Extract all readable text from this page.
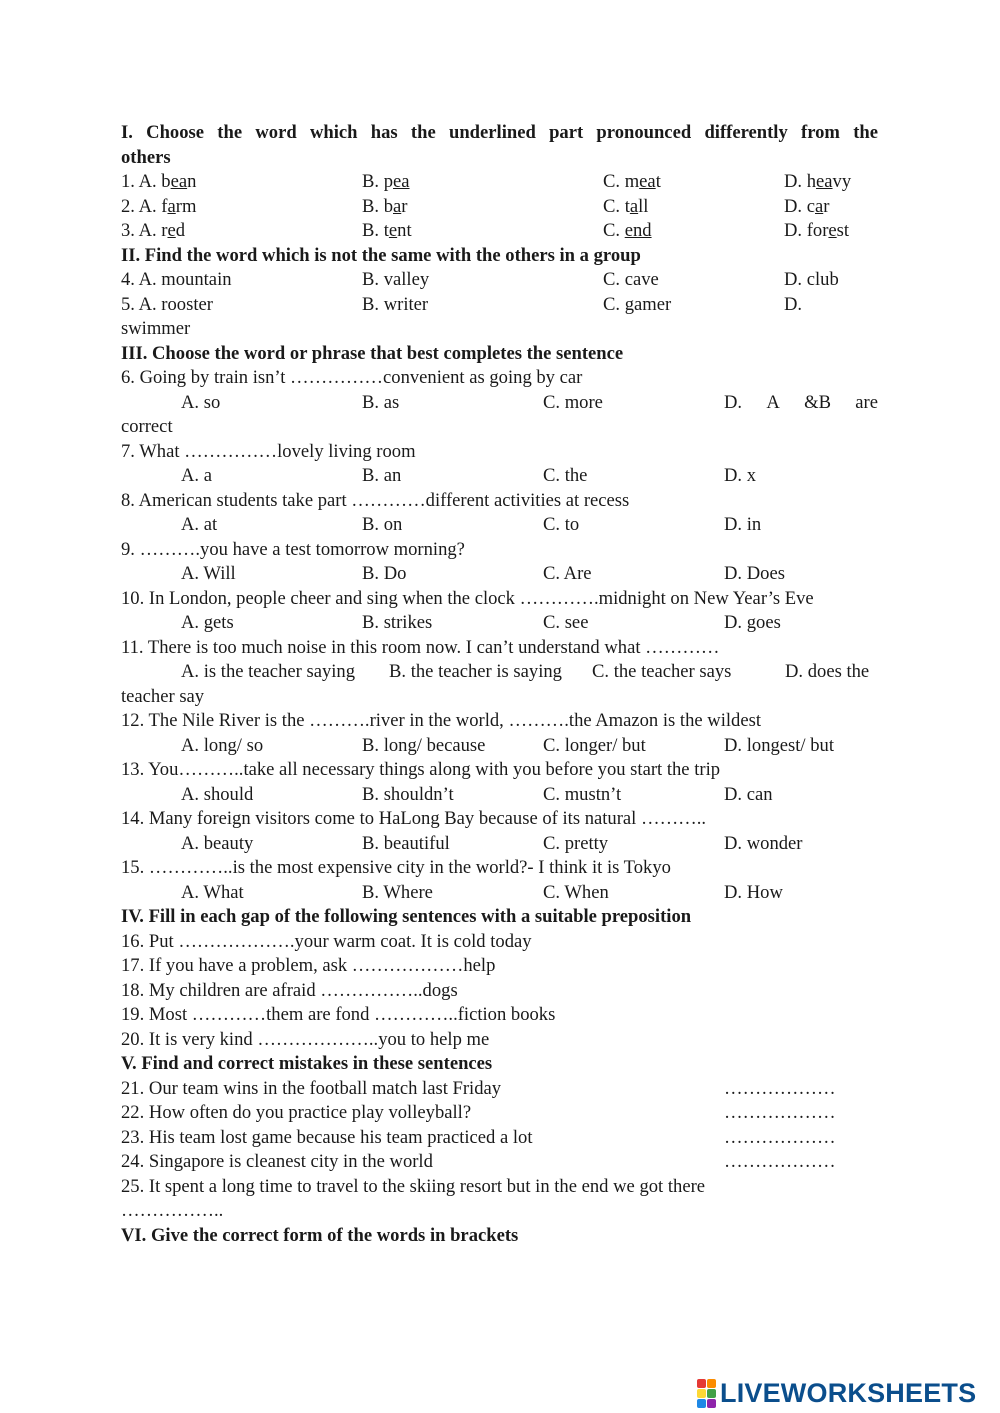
I. Choose the word which has the underlined part pronounced differently from the
others
1. A. bean	B. pea	C. meat	D. heavy
2. A. farm	B. bar	C. tall	D. car
3. A. red	B. tent	C. end	D. forest
II. Find the word which is not the same with the others in a group
4. A. mountain	B. valley	C. cave	D. club
5. A. rooster	B. writer	C. gamer	D.
swimmer
III. Choose the word or phrase that best completes the sentence
6. Going by train isn’t ……………convenient as going by car
A. so	B. as	C. more	D. A &B are
correct
7. What ……………lovely living room
A. a	B. an	C. the	D. x
8. American students take part …………different activities at recess
A. at	B. on	C. to	D. in
9. ……….you have a test tomorrow morning?
A. Will	B. Do	C. Are	D. Does
10. In London, people cheer and sing when the clock ………….midnight on New Year’s Eve
A. gets	B. strikes	C. see	D. goes
11. There is too much noise in this room now. I can’t understand what …………
A. is the teacher saying B. the teacher is saying C. the teacher says	D. does the
teacher say
12. The Nile River is the ……….river in the world, ……….the Amazon is the wildest
A. long/ so	B. long/ because	C. longer/ but	D. longest/ but
13. You………..take all necessary things along with you before you start the trip
A. should	B. shouldn’t	C. mustn’t	D. can
14. Many foreign visitors come to HaLong Bay because of its natural ………..
A. beauty	B. beautiful	C. pretty	D. wonder
15. …………..is the most expensive city in the world?- I think it is Tokyo
A. What	B. Where	C. When	D. How
IV. Fill in each gap of the following sentences with a suitable preposition
16. Put ……………….your warm coat. It is cold today
17. If you have a problem, ask ………………help
18. My children are afraid ……………..dogs
19. Most …………them are fond …………..fiction books
20. It is very kind ………………..you to help me
V. Find and correct mistakes in these sentences
21. Our team wins in the football match last Friday	………………
22. How often do you practice play volleyball?	………………
23. His team lost game because his team practiced a lot	………………
24. Singapore is cleanest city in the world	………………
25. It spent a long time to travel to the skiing resort but in the end we got there
……………..
VI. Give the correct form of the words in brackets
LIVEWORKSHEETS
